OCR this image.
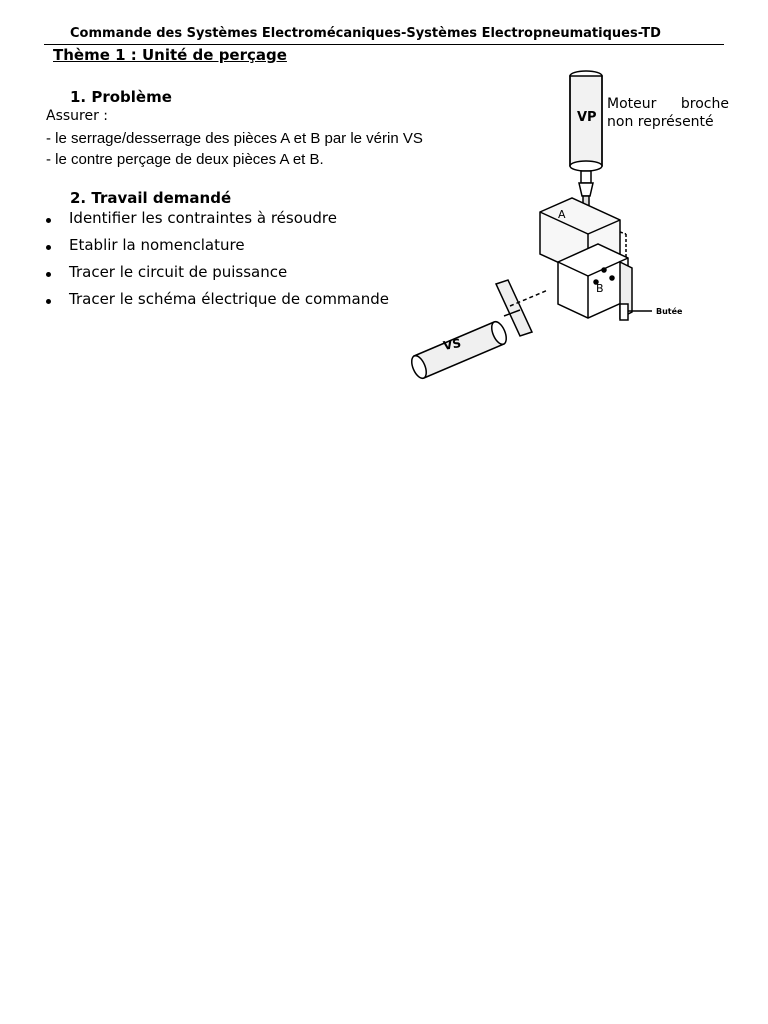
Commande des Systèmes Electromécaniques-Systèmes Electropneumatiques-TD
Thème 1 : Unité de perçage
1. Problème
Assurer :
- le serrage/desserrage des pièces A et B par le vérin VS
- le contre perçage de deux pièces A et B.
2. Travail demandé
Identifier les contraintes à résoudre
Etablir la nomenclature
Tracer le circuit de puissance
Tracer le schéma électrique de commande
Moteur broche
non représenté
VP
A
B
Butée
VS
